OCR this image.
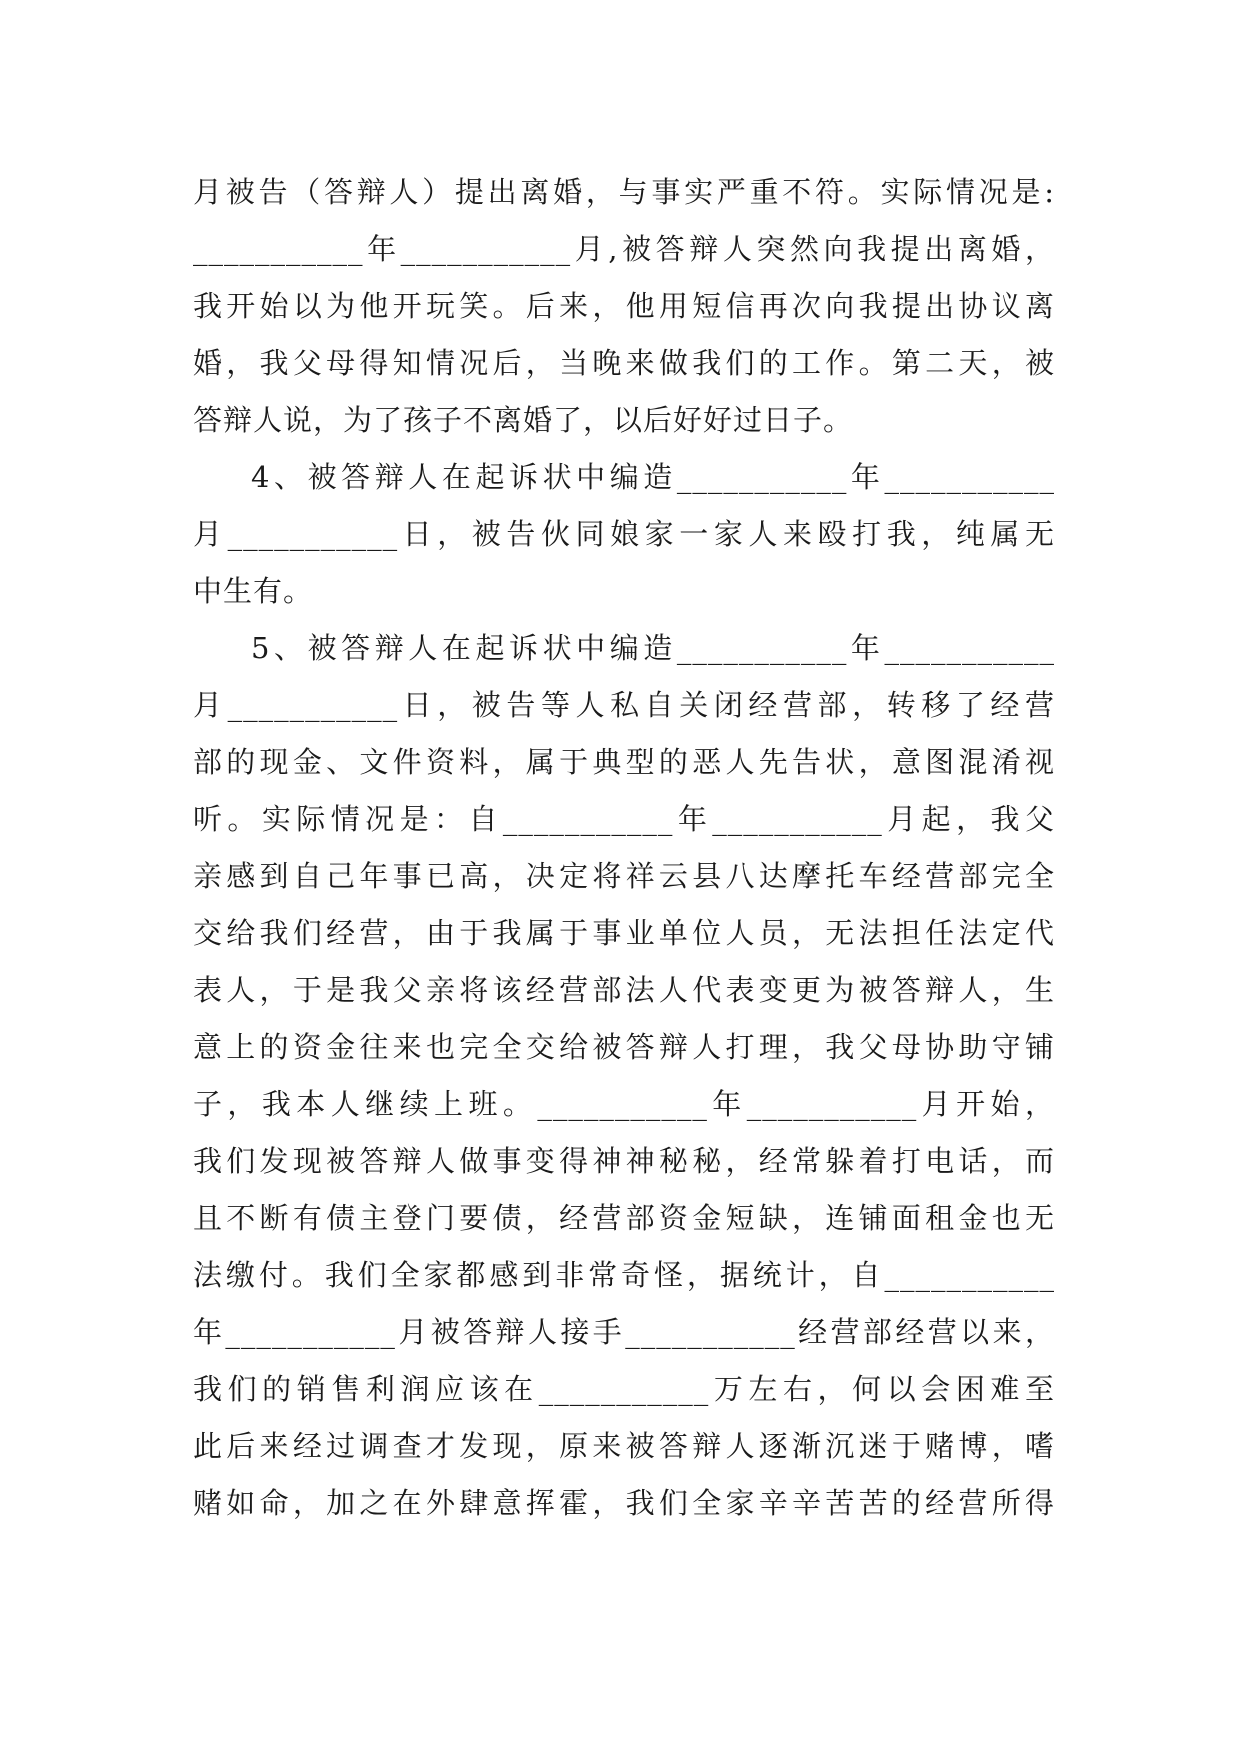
月被告（答辩人）提出离婚，与事实严重不符。实际情况是:
___________年___________月,被答辩人突然向我提出离婚，
我开始以为他开玩笑。后来，他用短信再次向我提出协议离
婚，我父母得知情况后，当晚来做我们的工作。第二天，被
答辩人说，为了孩子不离婚了，以后好好过日子。
4、被答辩人在起诉状中编造___________年___________
月___________日，被告伙同娘家一家人来殴打我，纯属无
中生有。
5、被答辩人在起诉状中编造___________年___________
月___________日，被告等人私自关闭经营部，转移了经营
部的现金、文件资料，属于典型的恶人先告状，意图混淆视
听。实际情况是：自___________年___________月起，我父
亲感到自己年事已高，决定将祥云县八达摩托车经营部完全
交给我们经营，由于我属于事业单位人员，无法担任法定代
表人，于是我父亲将该经营部法人代表变更为被答辩人，生
意上的资金往来也完全交给被答辩人打理，我父母协助守铺
子，我本人继续上班。___________年___________月开始，
我们发现被答辩人做事变得神神秘秘，经常躲着打电话，而
且不断有债主登门要债，经营部资金短缺，连铺面租金也无
法缴付。我们全家都感到非常奇怪，据统计，自___________
年___________月被答辩人接手___________经营部经营以来，
我们的销售利润应该在___________万左右，何以会困难至
此后来经过调查才发现，原来被答辩人逐渐沉迷于赌博，嗜
赌如命，加之在外肆意挥霍，我们全家辛辛苦苦的经营所得
